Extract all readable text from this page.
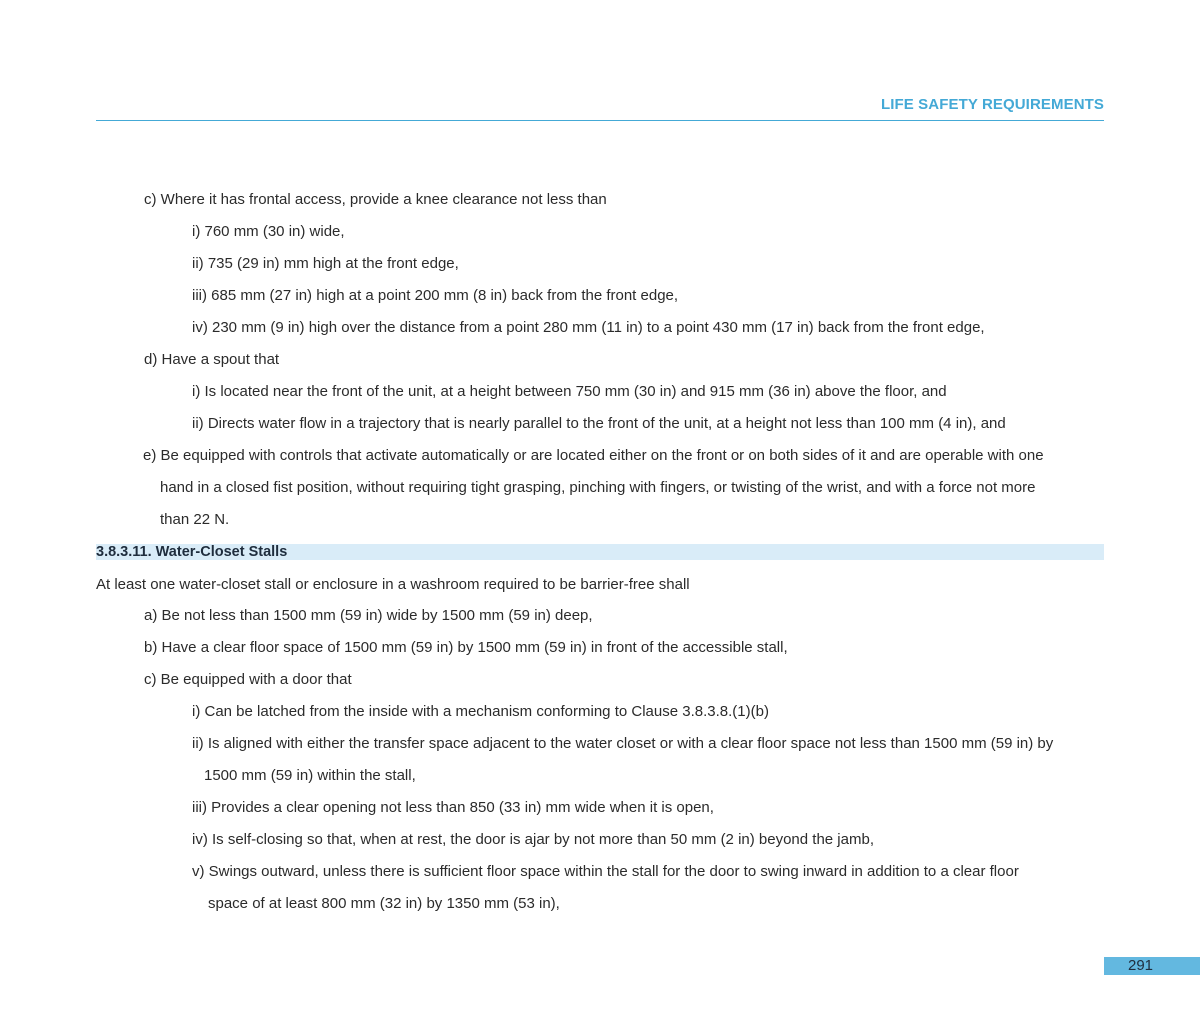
LIFE SAFETY REQUIREMENTS
c) Where it has frontal access, provide a knee clearance not less than
i) 760 mm (30 in) wide,
ii) 735 (29 in) mm high at the front edge,
iii) 685 mm (27 in) high at a point 200 mm (8 in) back from the front edge,
iv) 230 mm (9 in) high over the distance from a point 280 mm (11 in) to a point 430 mm (17 in) back from the front edge,
d) Have a spout that
i) Is located near the front of the unit, at a height between 750 mm (30 in) and 915 mm (36 in) above the floor, and
ii) Directs water flow in a trajectory that is nearly parallel to the front of the unit, at a height not less than 100 mm (4 in), and
e) Be equipped with controls that activate automatically or are located either on the front or on both sides of it and are operable with one
hand in a closed fist position, without requiring tight grasping, pinching with fingers, or twisting of the wrist, and with a force not more
than 22 N.
3.8.3.11. Water-Closet Stalls
At least one water-closet stall or enclosure in a washroom required to be barrier-free shall
a) Be not less than 1500 mm (59 in) wide by 1500 mm (59 in) deep,
b) Have a clear floor space of 1500 mm (59 in) by 1500 mm (59 in) in front of the accessible stall,
c) Be equipped with a door that
i) Can be latched from the inside with a mechanism conforming to Clause 3.8.3.8.(1)(b)
ii) Is aligned with either the transfer space adjacent to the water closet or with a clear floor space not less than 1500 mm (59 in) by
1500 mm (59 in) within the stall,
iii) Provides a clear opening not less than 850 (33 in) mm wide when it is open,
iv) Is self-closing so that, when at rest, the door is ajar by not more than 50 mm (2 in) beyond the jamb,
v) Swings outward, unless there is sufficient floor space within the stall for the door to swing inward in addition to a clear floor
space of at least 800 mm (32 in) by 1350 mm (53 in),
291
